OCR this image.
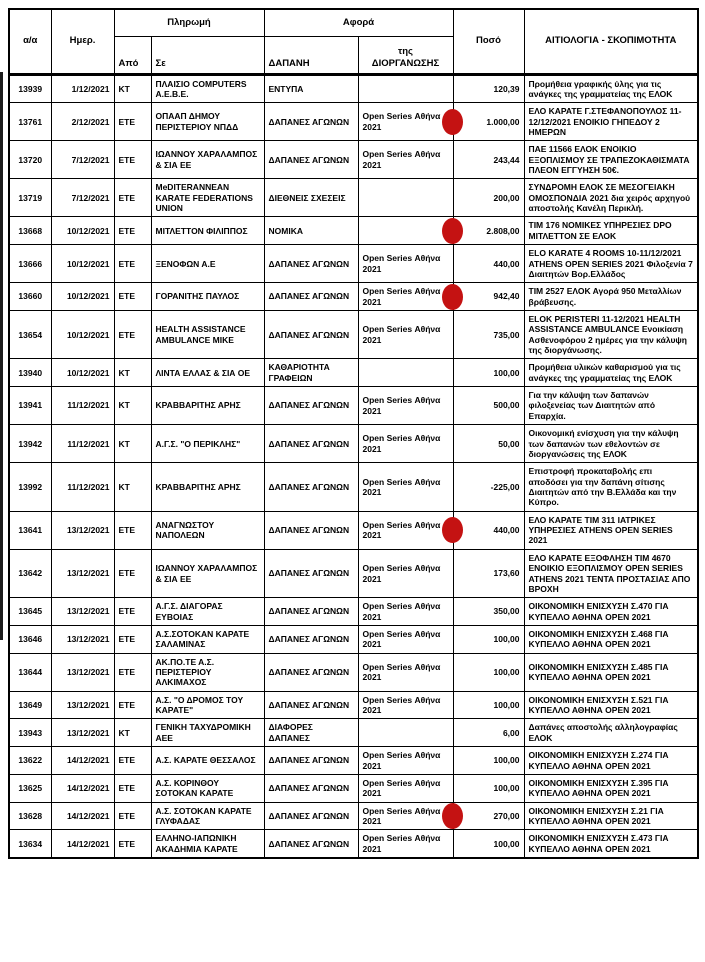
α/α	Ημερ.	Πληρωμή		Αφορά		Ποσό	ΑΙΤΙΟΛΟΓΙΑ - ΣΚΟΠΙΜΟΤΗΤΑ
		Από	Σε	ΔΑΠΑΝΗ	της
ΔΙΟΡΓΑΝΩΣΗΣ		
13939	1/12/2021	ΚΤ	ΠΛΑΙΣΙΟ COMPUTERS Α.Ε.Β.Ε.	ΕΝΤΥΠΑ		120,39	Προμήθεια γραφικής ύλης για τις ανάγκες της γραμματείας της ΕΛΟΚ
13761	2/12/2021	ΕΤΕ	ΟΠΑΑΠ ΔΗΜΟΥ ΠΕΡΙΣΤΕΡΙΟΥ ΝΠΔΔ	ΔΑΠΑΝΕΣ ΑΓΩΝΩΝ	Open Series Αθήνα 2021	1.000,00	ΕΛΟ ΚΑΡΑΤΕ Γ.ΣΤΕΦΑΝΟΠΟΥΛΟΣ 11-12/12/2021 ΕΝΟΙΚΙΟ ΓΗΠΕΔΟΥ 2 ΗΜΕΡΩΝ
13720	7/12/2021	ΕΤΕ	ΙΩΑΝΝΟΥ ΧΑΡΑΛΑΜΠΟΣ & ΣΙΑ ΕΕ	ΔΑΠΑΝΕΣ ΑΓΩΝΩΝ	Open Series Αθήνα 2021	243,44	ΠΑΕ 11566 ΕΛΟΚ ΕΝΟΙΚΙΟ ΕΞΟΠΛΙΣΜΟΥ ΣΕ ΤΡΑΠΕΖΟΚΑΘΙΣΜΑΤΑ ΠΛΕΟΝ ΕΓΓΥΗΣΗ 50€.
13719	7/12/2021	ΕΤΕ	MeDITERANNEAN KARATE FEDERATIONS UNION	ΔΙΕΘΝΕΙΣ ΣΧΕΣΕΙΣ		200,00	ΣΥΝΔΡΟΜΗ ΕΛΟΚ ΣΕ ΜΕΣΟΓΕΙΑΚΗ ΟΜΟΣΠΟΝΔΙΑ 2021 δια χειρός αρχηγού αποστολής Κανέλη Περικλή.
13668	10/12/2021	ΕΤΕ	ΜΙΤΛΕΤΤΟΝ ΦΙΛΙΠΠΟΣ	ΝΟΜΙΚΑ		2.808,00	ΤΙΜ 176 ΝΟΜΙΚΕΣ ΥΠΗΡΕΣΙΕΣ DPO ΜΙΤΛΕΤΤΟΝ ΣΕ ΕΛΟΚ
13666	10/12/2021	ΕΤΕ	ΞΕΝΟΦΩΝ Α.Ε	ΔΑΠΑΝΕΣ ΑΓΩΝΩΝ	Open Series Αθήνα 2021	440,00	ELO KARATE 4 ROOMS 10-11/12/2021 ATHENS OPEN SERIES 2021 Φιλοξενία 7 Διαιτητών Βορ.Ελλάδος
13660	10/12/2021	ΕΤΕ	ΓΟΡΑΝΙΤΗΣ ΠΑΥΛΟΣ	ΔΑΠΑΝΕΣ ΑΓΩΝΩΝ	Open Series Αθήνα 2021	942,40	ΤΙΜ 2527 ΕΛΟΚ Αγορά 950 Μεταλλίων βράβευσης.
13654	10/12/2021	ΕΤΕ	HEALTH ASSISTANCE AMBULANCE MIKE	ΔΑΠΑΝΕΣ ΑΓΩΝΩΝ	Open Series Αθήνα 2021	735,00	ELOK PERISTERI 11-12/2021 HEALTH ASSISTANCE AMBULANCE Ενοικίαση Ασθενοφόρου 2 ημέρες για την κάλυψη της διοργάνωσης.
13940	10/12/2021	ΚΤ	ΛΙΝΤΑ ΕΛΛΑΣ & ΣΙΑ ΟΕ	ΚΑΘΑΡΙΟΤΗΤΑ ΓΡΑΦΕΙΩΝ		100,00	Προμήθεια υλικών καθαρισμού για τις ανάγκες της γραμματείας της ΕΛΟΚ
13941	11/12/2021	ΚΤ	ΚΡΑΒΒΑΡΙΤΗΣ ΑΡΗΣ	ΔΑΠΑΝΕΣ ΑΓΩΝΩΝ	Open Series Αθήνα 2021	500,00	Για την κάλυψη των δαπανών φιλοξενείας των Διαιτητών από Επαρχία.
13942	11/12/2021	ΚΤ	Α.Γ.Σ. "Ο ΠΕΡΙΚΛΗΣ"	ΔΑΠΑΝΕΣ ΑΓΩΝΩΝ	Open Series Αθήνα 2021	50,00	Οικονομική ενίσχυση για την κάλυψη των δαπανών των εθελοντών σε διοργανώσεις της ΕΛΟΚ
13992	11/12/2021	ΚΤ	ΚΡΑΒΒΑΡΙΤΗΣ ΑΡΗΣ	ΔΑΠΑΝΕΣ ΑΓΩΝΩΝ	Open Series Αθήνα 2021	-225,00	Επιστροφή προκαταβολής επι αποδόσει για την δαπάνη σίτισης Διαιτητών από την Β.Ελλάδα και την Κύπρο.
13641	13/12/2021	ΕΤΕ	ΑΝΑΓΝΩΣΤΟΥ ΝΑΠΟΛΕΩΝ	ΔΑΠΑΝΕΣ ΑΓΩΝΩΝ	Open Series Αθήνα 2021	440,00	ΕΛΟ ΚΑΡΑΤΕ ΤΙΜ 311 ΙΑΤΡΙΚΕΣ ΥΠΗΡΕΣΙΕΣ ATHENS OPEN SERIES 2021
13642	13/12/2021	ΕΤΕ	ΙΩΑΝΝΟΥ ΧΑΡΑΛΑΜΠΟΣ & ΣΙΑ ΕΕ	ΔΑΠΑΝΕΣ ΑΓΩΝΩΝ	Open Series Αθήνα 2021	173,60	ΕΛΟ ΚΑΡΑΤΕ ΕΞΟΦΛΗΣΗ ΤΙΜ 4670 ΕΝΟΙΚΙΟ ΕΞΟΠΛΙΣΜΟΥ OPEN SERIES ATHENS 2021 ΤΕΝΤΑ ΠΡΟΣΤΑΣΙΑΣ ΑΠΟ ΒΡΟΧΗ
13645	13/12/2021	ΕΤΕ	Α.Γ.Σ. ΔΙΑΓΟΡΑΣ ΕΥΒΟΙΑΣ	ΔΑΠΑΝΕΣ ΑΓΩΝΩΝ	Open Series Αθήνα 2021	350,00	ΟΙΚΟΝΟΜΙΚΗ ΕΝΙΣΧΥΣΗ Σ.470 ΓΙΑ ΚΥΠΕΛΛΟ ΑΘΗΝΑ OPEN 2021
13646	13/12/2021	ΕΤΕ	Α.Σ.ΣΟΤΟΚΑΝ ΚΑΡΑΤΕ ΣΑΛΑΜΙΝΑΣ	ΔΑΠΑΝΕΣ ΑΓΩΝΩΝ	Open Series Αθήνα 2021	100,00	ΟΙΚΟΝΟΜΙΚΗ ΕΝΙΣΧΥΣΗ Σ.468 ΓΙΑ ΚΥΠΕΛΛΟ ΑΘΗΝΑ OPEN 2021
13644	13/12/2021	ΕΤΕ	ΑΚ.ΠΟ.ΤΕ Α.Σ. ΠΕΡΙΣΤΕΡΙΟΥ ΑΛΚΙΜΑΧΟΣ	ΔΑΠΑΝΕΣ ΑΓΩΝΩΝ	Open Series Αθήνα 2021	100,00	ΟΙΚΟΝΟΜΙΚΗ ΕΝΙΣΧΥΣΗ Σ.485 ΓΙΑ ΚΥΠΕΛΛΟ ΑΘΗΝΑ OPEN 2021
13649	13/12/2021	ΕΤΕ	Α.Σ. "Ο ΔΡΟΜΟΣ ΤΟΥ ΚΑΡΑΤΕ"	ΔΑΠΑΝΕΣ ΑΓΩΝΩΝ	Open Series Αθήνα 2021	100,00	ΟΙΚΟΝΟΜΙΚΗ ΕΝΙΣΧΥΣΗ Σ.521 ΓΙΑ ΚΥΠΕΛΛΟ ΑΘΗΝΑ OPEN 2021
13943	13/12/2021	ΚΤ	ΓΕΝΙΚΗ ΤΑΧΥΔΡΟΜΙΚΗ ΑΕΕ	ΔΙΑΦΟΡΕΣ ΔΑΠΑΝΕΣ		6,00	Δαπάνες αποστολής αλληλογραφίας ΕΛΟΚ
13622	14/12/2021	ΕΤΕ	Α.Σ. ΚΑΡΑΤΕ ΘΕΣΣΑΛΟΣ	ΔΑΠΑΝΕΣ ΑΓΩΝΩΝ	Open Series Αθήνα 2021	100,00	ΟΙΚΟΝΟΜΙΚΗ ΕΝΙΣΧΥΣΗ Σ.274 ΓΙΑ ΚΥΠΕΛΛΟ ΑΘΗΝΑ OPEN 2021
13625	14/12/2021	ΕΤΕ	Α.Σ. ΚΟΡΙΝΘΟΥ ΣΟΤΟΚΑΝ ΚΑΡΑΤΕ	ΔΑΠΑΝΕΣ ΑΓΩΝΩΝ	Open Series Αθήνα 2021	100,00	ΟΙΚΟΝΟΜΙΚΗ ΕΝΙΣΧΥΣΗ Σ.395 ΓΙΑ ΚΥΠΕΛΛΟ ΑΘΗΝΑ OPEN 2021
13628	14/12/2021	ΕΤΕ	Α.Σ. ΣΟΤΟΚΑΝ ΚΑΡΑΤΕ ΓΛΥΦΑΔΑΣ	ΔΑΠΑΝΕΣ ΑΓΩΝΩΝ	Open Series Αθήνα 2021	270,00	ΟΙΚΟΝΟΜΙΚΗ ΕΝΙΣΧΥΣΗ Σ.21 ΓΙΑ ΚΥΠΕΛΛΟ ΑΘΗΝΑ OPEN 2021
13634	14/12/2021	ΕΤΕ	ΕΛΛΗΝΟ-ΙΑΠΩΝΙΚΗ ΑΚΑΔΗΜΙΑ ΚΑΡΑΤΕ	ΔΑΠΑΝΕΣ ΑΓΩΝΩΝ	Open Series Αθήνα 2021	100,00	ΟΙΚΟΝΟΜΙΚΗ ΕΝΙΣΧΥΣΗ Σ.473 ΓΙΑ ΚΥΠΕΛΛΟ ΑΘΗΝΑ OPEN 2021
